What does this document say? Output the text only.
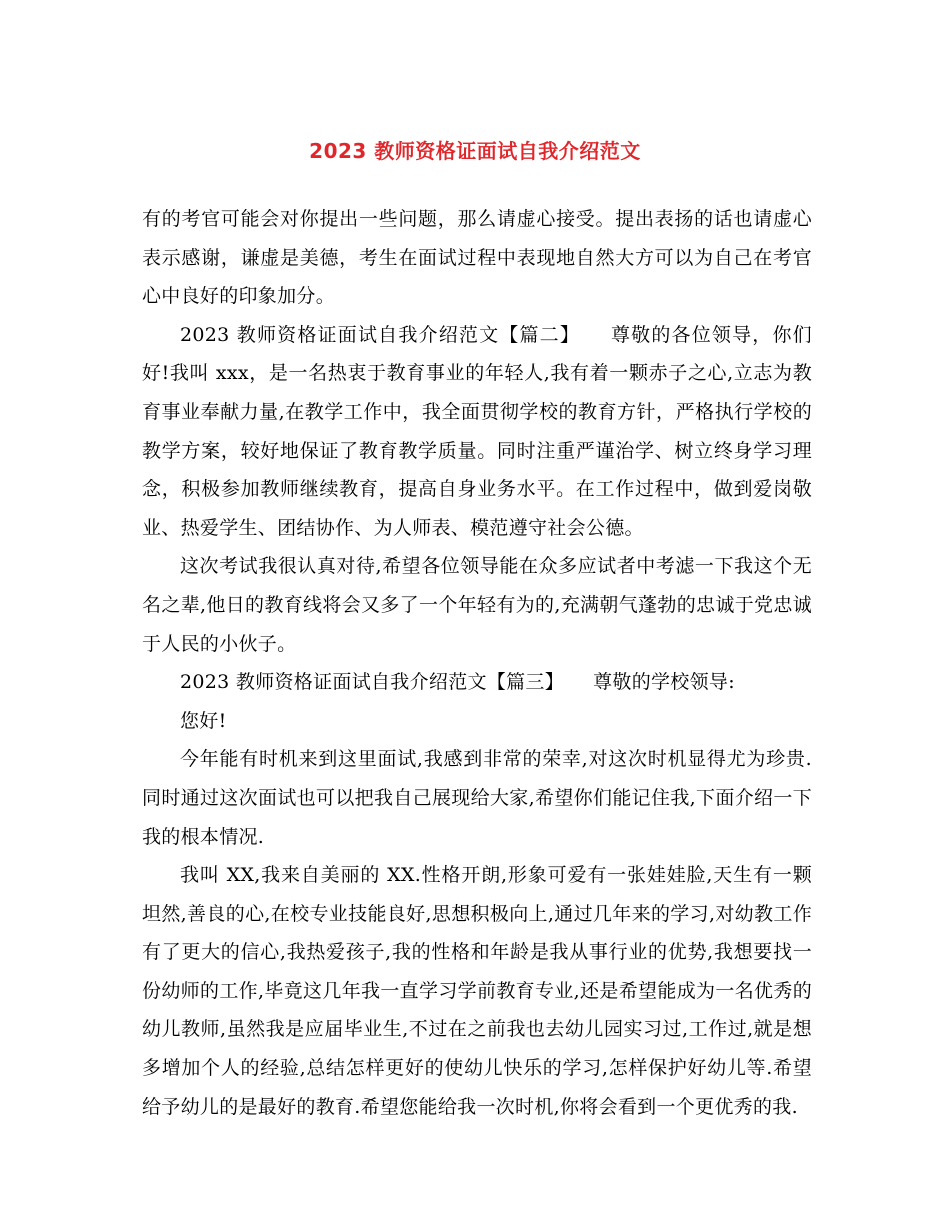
2023 教师资格证面试自我介绍范文

有的考官可能会对你提出一些问题，那么请虚心接受。提出表扬的话也请虚心表示感谢，谦虚是美德，考生在面试过程中表现地自然大方可以为自己在考官心中良好的印象加分。

2023 教师资格证面试自我介绍范文【篇二】　　尊敬的各位领导，你们好!我叫 xxx，是一名热衷于教育事业的年轻人,我有着一颗赤子之心,立志为教育事业奉献力量,在教学工作中，我全面贯彻学校的教育方针，严格执行学校的教学方案，较好地保证了教育教学质量。同时注重严谨治学、树立终身学习理念，积极参加教师继续教育，提高自身业务水平。在工作过程中，做到爱岗敬业、热爱学生、团结协作、为人师表、模范遵守社会公德。

这次考试我很认真对待,希望各位领导能在众多应试者中考滤一下我这个无名之辈,他日的教育线将会又多了一个年轻有为的,充满朝气蓬勃的忠诚于党忠诚于人民的小伙子。

2023 教师资格证面试自我介绍范文【篇三】　　尊敬的学校领导:

您好!

今年能有时机来到这里面试,我感到非常的荣幸,对这次时机显得尤为珍贵.同时通过这次面试也可以把我自己展现给大家,希望你们能记住我,下面介绍一下我的根本情况.

我叫 XX,我来自美丽的 XX.性格开朗,形象可爱有一张娃娃脸,天生有一颗坦然,善良的心,在校专业技能良好,思想积极向上,通过几年来的学习,对幼教工作有了更大的信心,我热爱孩子,我的性格和年龄是我从事行业的优势,我想要找一份幼师的工作,毕竟这几年我一直学习学前教育专业,还是希望能成为一名优秀的幼儿教师,虽然我是应届毕业生,不过在之前我也去幼儿园实习过,工作过,就是想多增加个人的经验,总结怎样更好的使幼儿快乐的学习,怎样保护好幼儿等.希望给予幼儿的是最好的教育.希望您能给我一次时机,你将会看到一个更优秀的我.
